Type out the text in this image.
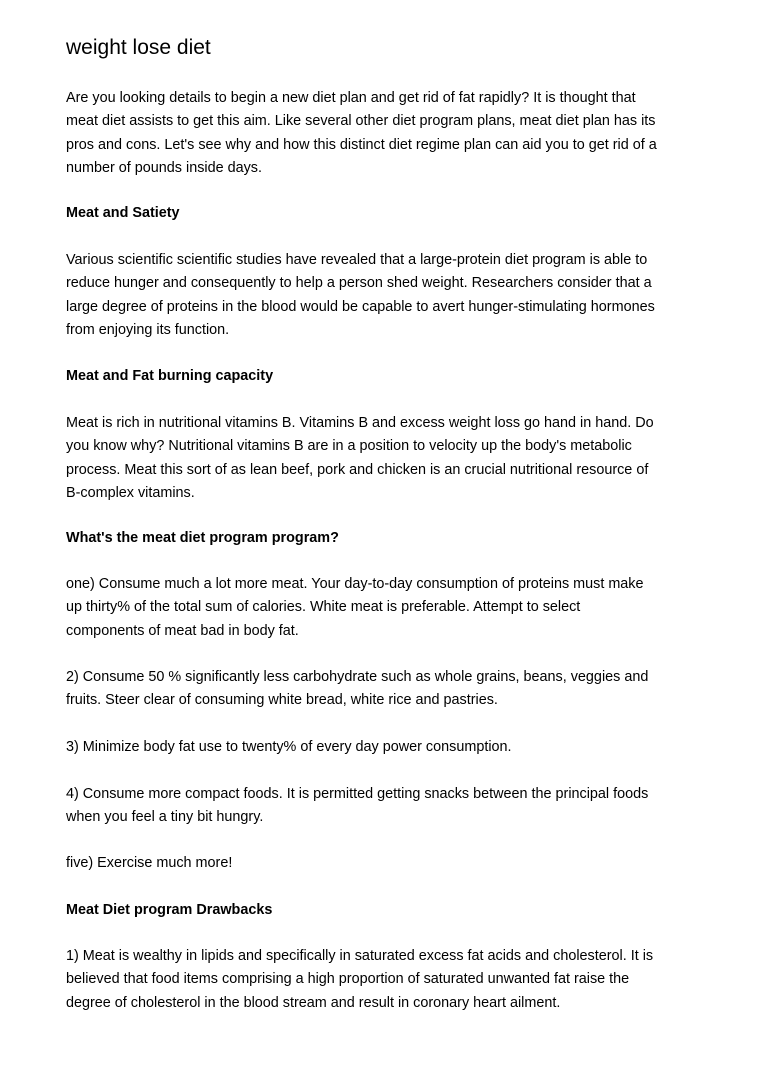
weight lose diet

Are you looking details to begin a new diet plan and get rid of fat rapidly? It is thought that
meat diet assists to get this aim. Like several other diet program plans, meat diet plan has its
pros and cons. Let's see why and how this distinct diet regime plan can aid you to get rid of a
number of pounds inside days.

Meat and Satiety

Various scientific scientific studies have revealed that a large-protein diet program is able to
reduce hunger and consequently to help a person shed weight. Researchers consider that a
large degree of proteins in the blood would be capable to avert hunger-stimulating hormones
from enjoying its function.

Meat and Fat burning capacity

Meat is rich in nutritional vitamins B. Vitamins B and excess weight loss go hand in hand. Do
you know why? Nutritional vitamins B are in a position to velocity up the body's metabolic
process. Meat this sort of as lean beef, pork and chicken is an crucial nutritional resource of
B-complex vitamins.

What's the meat diet program program?

one) Consume much a lot more meat. Your day-to-day consumption of proteins must make
up thirty% of the total sum of calories. White meat is preferable. Attempt to select
components of meat bad in body fat.

2) Consume 50 % significantly less carbohydrate such as whole grains, beans, veggies and
fruits. Steer clear of consuming white bread, white rice and pastries.

3) Minimize body fat use to twenty% of every day power consumption.

4) Consume more compact foods. It is permitted getting snacks between the principal foods
when you feel a tiny bit hungry.

five) Exercise much more!

Meat Diet program Drawbacks

1) Meat is wealthy in lipids and specifically in saturated excess fat acids and cholesterol. It is
believed that food items comprising a high proportion of saturated unwanted fat raise the
degree of cholesterol in the blood stream and result in coronary heart ailment.
